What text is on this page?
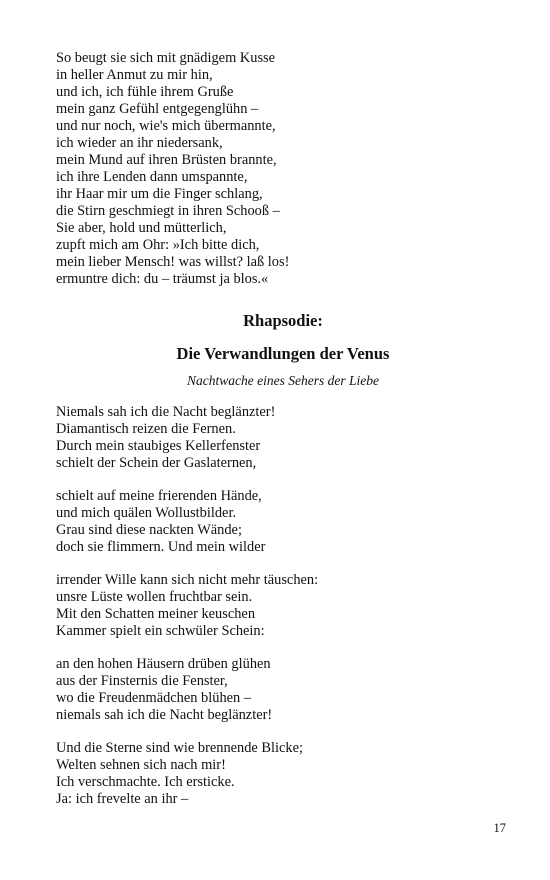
So beugt sie sich mit gnädigem Kusse
in heller Anmut zu mir hin,
und ich, ich fühle ihrem Gruße
mein ganz Gefühl entgegenglühn –
und nur noch, wie's mich übermannte,
ich wieder an ihr niedersank,
mein Mund auf ihren Brüsten brannte,
ich ihre Lenden dann umspannte,
ihr Haar mir um die Finger schlang,
die Stirn geschmiegt in ihren Schooß –
Sie aber, hold und mütterlich,
zupft mich am Ohr: »Ich bitte dich,
mein lieber Mensch! was willst? laß los!
ermuntre dich: du – träumst ja blos.«
Rhapsodie:
Die Verwandlungen der Venus
Nachtwache eines Sehers der Liebe
Niemals sah ich die Nacht beglänzter!
Diamantisch reizen die Fernen.
Durch mein staubiges Kellerfenster
schielt der Schein der Gaslaternen,
schielt auf meine frierenden Hände,
und mich quälen Wollustbilder.
Grau sind diese nackten Wände;
doch sie flimmern. Und mein wilder
irrender Wille kann sich nicht mehr täuschen:
unsre Lüste wollen fruchtbar sein.
Mit den Schatten meiner keuschen
Kammer spielt ein schwüler Schein:
an den hohen Häusern drüben glühen
aus der Finsternis die Fenster,
wo die Freudenmädchen blühen –
niemals sah ich die Nacht beglänzter!
Und die Sterne sind wie brennende Blicke;
Welten sehnen sich nach mir!
Ich verschmachte. Ich ersticke.
Ja: ich frevelte an ihr –
17
